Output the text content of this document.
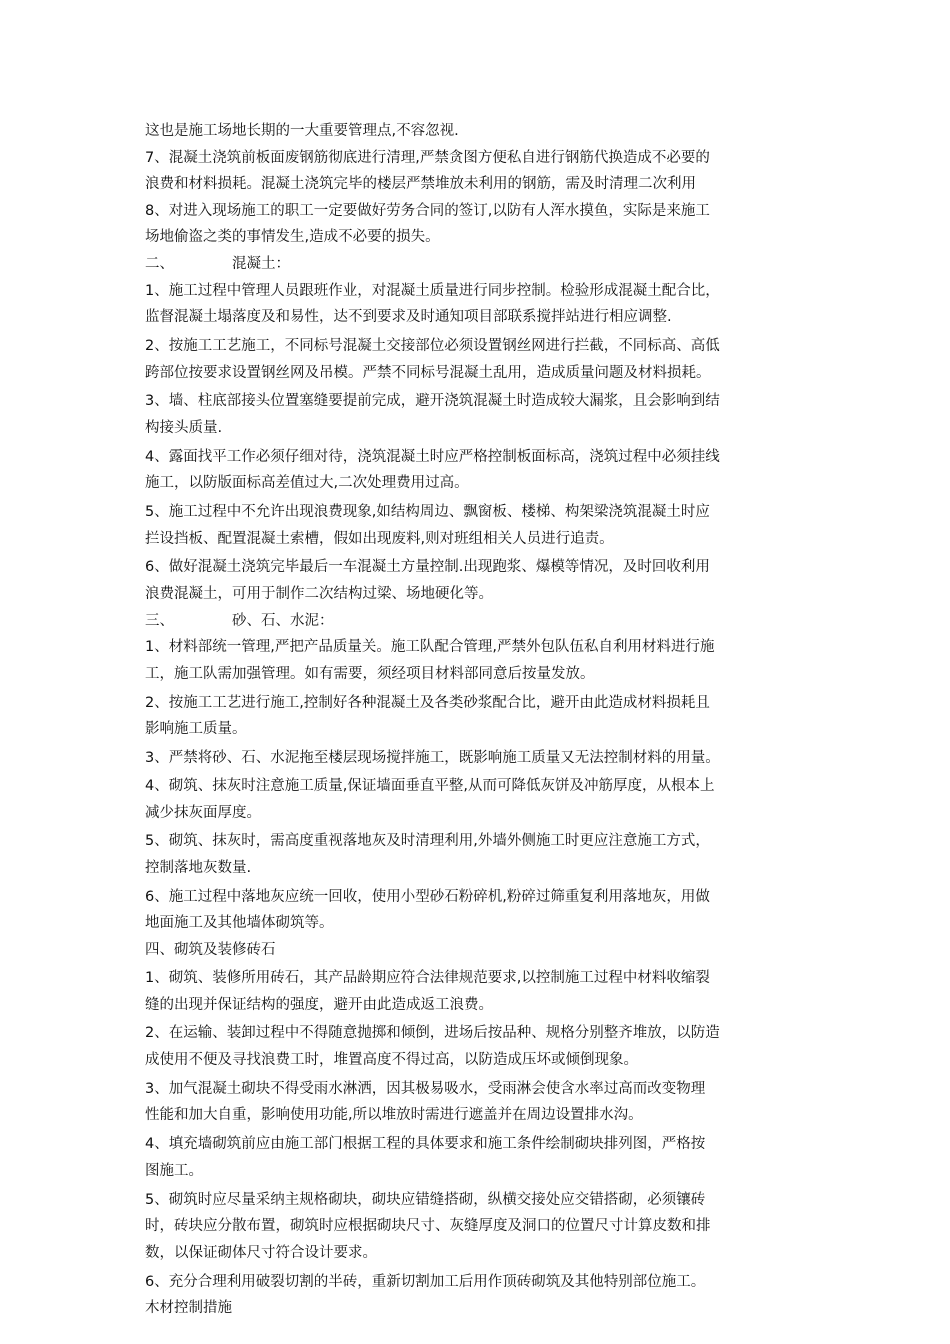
这也是施工场地长期的一大重要管理点,不容忽视.
7、混凝土浇筑前板面废钢筋彻底进行清理,严禁贪图方便私自进行钢筋代换造成不必要的
浪费和材料损耗。混凝土浇筑完毕的楼层严禁堆放未利用的钢筋，需及时清理二次利用
8、对进入现场施工的职工一定要做好劳务合同的签订,以防有人浑水摸鱼，实际是来施工
场地偷盗之类的事情发生,造成不必要的损失。
二、	混凝土：
1、施工过程中管理人员跟班作业，对混凝土质量进行同步控制。检验形成混凝土配合比，
监督混凝土塌落度及和易性，达不到要求及时通知项目部联系搅拌站进行相应调整.
2、按施工工艺施工，不同标号混凝土交接部位必须设置钢丝网进行拦截，不同标高、高低
跨部位按要求设置钢丝网及吊模。严禁不同标号混凝土乱用，造成质量问题及材料损耗。
3、墙、柱底部接头位置塞缝要提前完成，避开浇筑混凝土时造成较大漏浆，且会影响到结
构接头质量.
4、露面找平工作必须仔细对待，浇筑混凝土时应严格控制板面标高，浇筑过程中必须挂线
施工，以防版面标高差值过大,二次处理费用过高。
5、施工过程中不允许出现浪费现象,如结构周边、飘窗板、楼梯、构架梁浇筑混凝土时应
拦设挡板、配置混凝土索槽，假如出现废料,则对班组相关人员进行追责。
6、做好混凝土浇筑完毕最后一车混凝土方量控制.出现跑浆、爆模等情况，及时回收利用
浪费混凝土，可用于制作二次结构过梁、场地硬化等。
三、	砂、石、水泥：
1、材料部统一管理,严把产品质量关。施工队配合管理,严禁外包队伍私自利用材料进行施
工，施工队需加强管理。如有需要，须经项目材料部同意后按量发放。
2、按施工工艺进行施工,控制好各种混凝土及各类砂浆配合比，避开由此造成材料损耗且
影响施工质量。
3、严禁将砂、石、水泥拖至楼层现场搅拌施工，既影响施工质量又无法控制材料的用量。
4、砌筑、抹灰时注意施工质量,保证墙面垂直平整,从而可降低灰饼及冲筋厚度，从根本上
减少抹灰面厚度。
5、砌筑、抹灰时，需高度重视落地灰及时清理利用,外墙外侧施工时更应注意施工方式，
控制落地灰数量.
6、施工过程中落地灰应统一回收，使用小型砂石粉碎机,粉碎过筛重复利用落地灰，用做
地面施工及其他墙体砌筑等。
四、砌筑及装修砖石
1、砌筑、装修所用砖石，其产品龄期应符合法律规范要求,以控制施工过程中材料收缩裂
缝的出现并保证结构的强度，避开由此造成返工浪费。
2、在运输、装卸过程中不得随意抛掷和倾倒，进场后按品种、规格分别整齐堆放，以防造
成使用不便及寻找浪费工时，堆置高度不得过高，以防造成压坏或倾倒现象。
3、加气混凝土砌块不得受雨水淋洒，因其极易吸水，受雨淋会使含水率过高而改变物理
性能和加大自重，影响使用功能,所以堆放时需进行遮盖并在周边设置排水沟。
4、填充墙砌筑前应由施工部门根据工程的具体要求和施工条件绘制砌块排列图，严格按
图施工。
5、砌筑时应尽量采纳主规格砌块，砌块应错缝搭砌，纵横交接处应交错搭砌，必须镶砖
时，砖块应分散布置，砌筑时应根据砌块尺寸、灰缝厚度及洞口的位置尺寸计算皮数和排
数，以保证砌体尺寸符合设计要求。
6、充分合理利用破裂切割的半砖，重新切割加工后用作顶砖砌筑及其他特别部位施工。
木材控制措施
